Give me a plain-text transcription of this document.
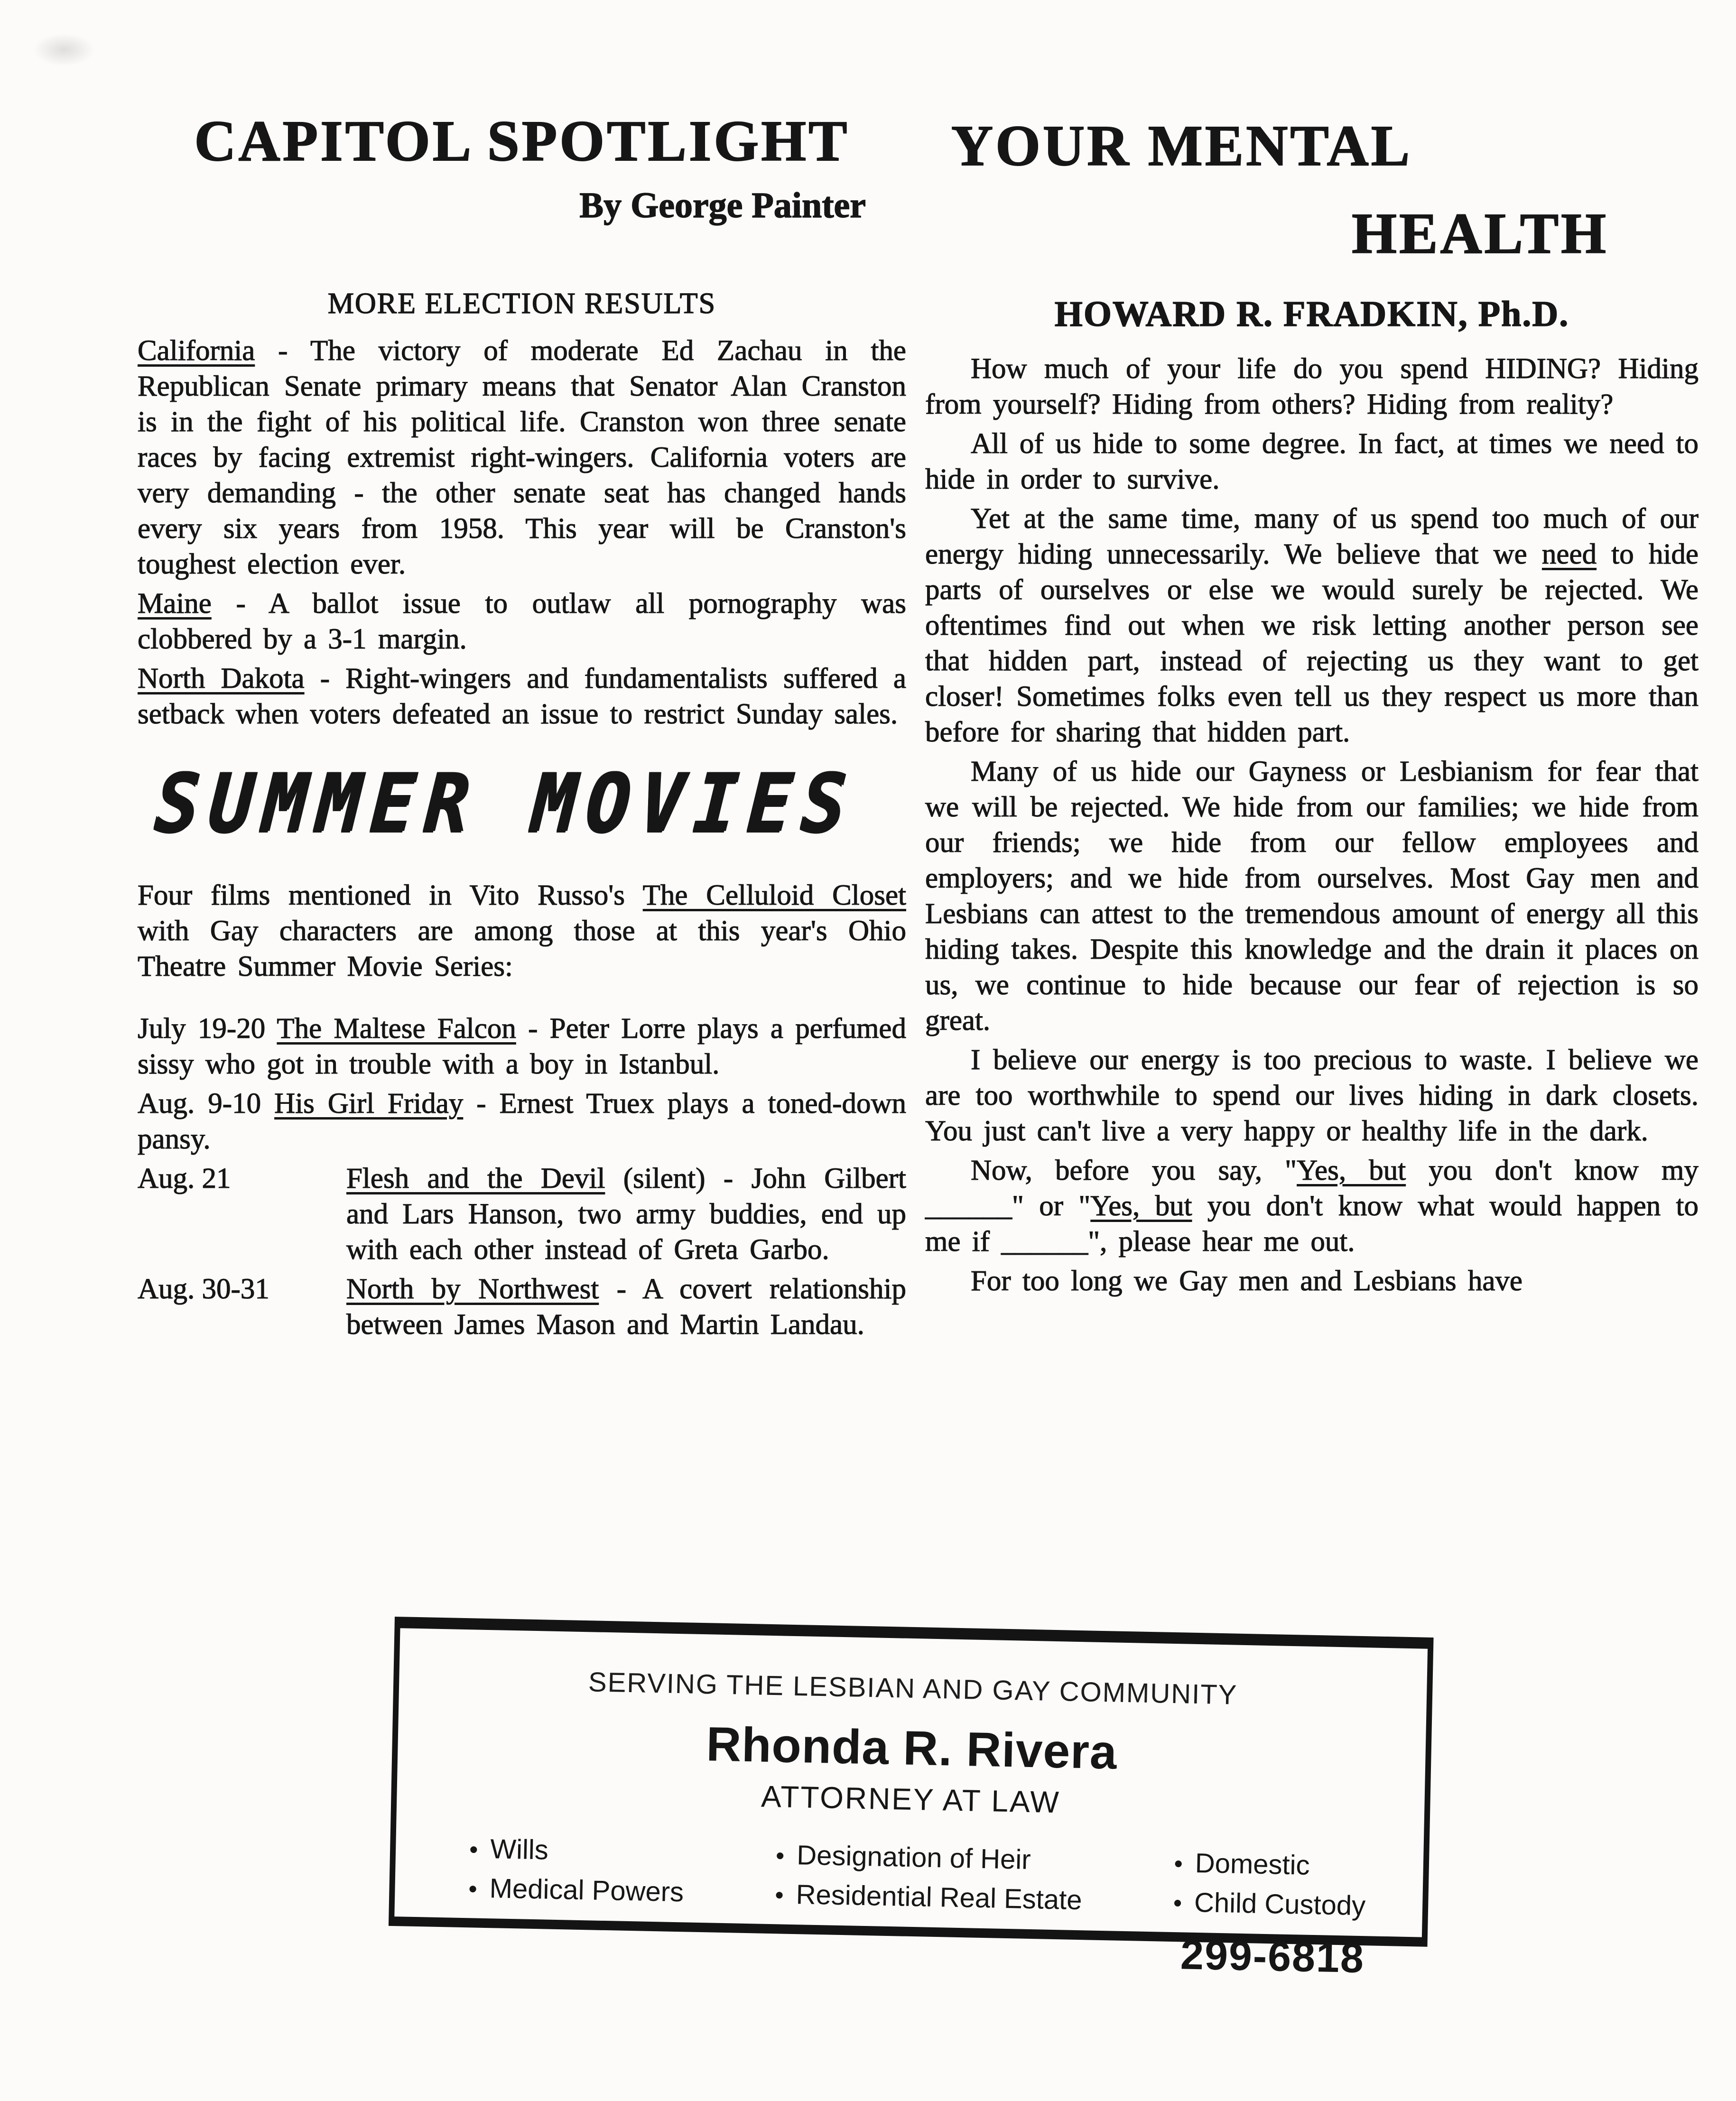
CAPITOL SPOTLIGHT
By George Painter
MORE ELECTION RESULTS

California - The victory of moderate Ed Zachau in the Republican Senate primary means that Senator Alan Cranston is in the fight of his political life. Cranston won three senate races by facing extremist right-wingers. California voters are very demanding - the other senate seat has changed hands every six years from 1958. This year will be Cranston's toughest election ever.

Maine - A ballot issue to outlaw all pornography was clobbered by a 3-1 margin.

North Dakota - Right-wingers and fundamentalists suffered a setback when voters defeated an issue to restrict Sunday sales.

SUMMER MOVIES

Four films mentioned in Vito Russo's The Celluloid Closet with Gay characters are among those at this year's Ohio Theatre Summer Movie Series:

July 19-20 The Maltese Falcon - Peter Lorre plays a perfumed sissy who got in trouble with a boy in Istanbul.

Aug. 9-10 His Girl Friday - Ernest Truex plays a toned-down pansy.

Aug. 21	Flesh and the Devil (silent) - John Gilbert and Lars Hanson, two army buddies, end up with each other instead of Greta Garbo.

Aug. 30-31	North by Northwest - A covert relationship between James Mason and Martin Landau.

YOUR MENTAL
HEALTH
HOWARD R. FRADKIN, Ph.D.

How much of your life do you spend HIDING? Hiding from yourself? Hiding from others? Hiding from reality?

All of us hide to some degree. In fact, at times we need to hide in order to survive.

Yet at the same time, many of us spend too much of our energy hiding unnecessarily. We believe that we need to hide parts of ourselves or else we would surely be rejected. We oftentimes find out when we risk letting another person see that hidden part, instead of rejecting us they want to get closer! Sometimes folks even tell us they respect us more than before for sharing that hidden part.

Many of us hide our Gayness or Lesbianism for fear that we will be rejected. We hide from our families; we hide from our friends; we hide from our fellow employees and employers; and we hide from ourselves. Most Gay men and Lesbians can attest to the tremendous amount of energy all this hiding takes. Despite this knowledge and the drain it places on us, we continue to hide because our fear of rejection is so great.

I believe our energy is too precious to waste. I believe we are too worthwhile to spend our lives hiding in dark closets. You just can't live a very happy or healthy life in the dark.

Now, before you say, "Yes, but you don't know my ______" or "Yes, but you don't know what would happen to me if ______", please hear me out.

For too long we Gay men and Lesbians have

SERVING THE LESBIAN AND GAY COMMUNITY
Rhonda R. Rivera
ATTORNEY AT LAW
• Wills
• Medical Powers
• Designation of Heir
• Residential Real Estate
• Domestic
• Child Custody
299-6818
